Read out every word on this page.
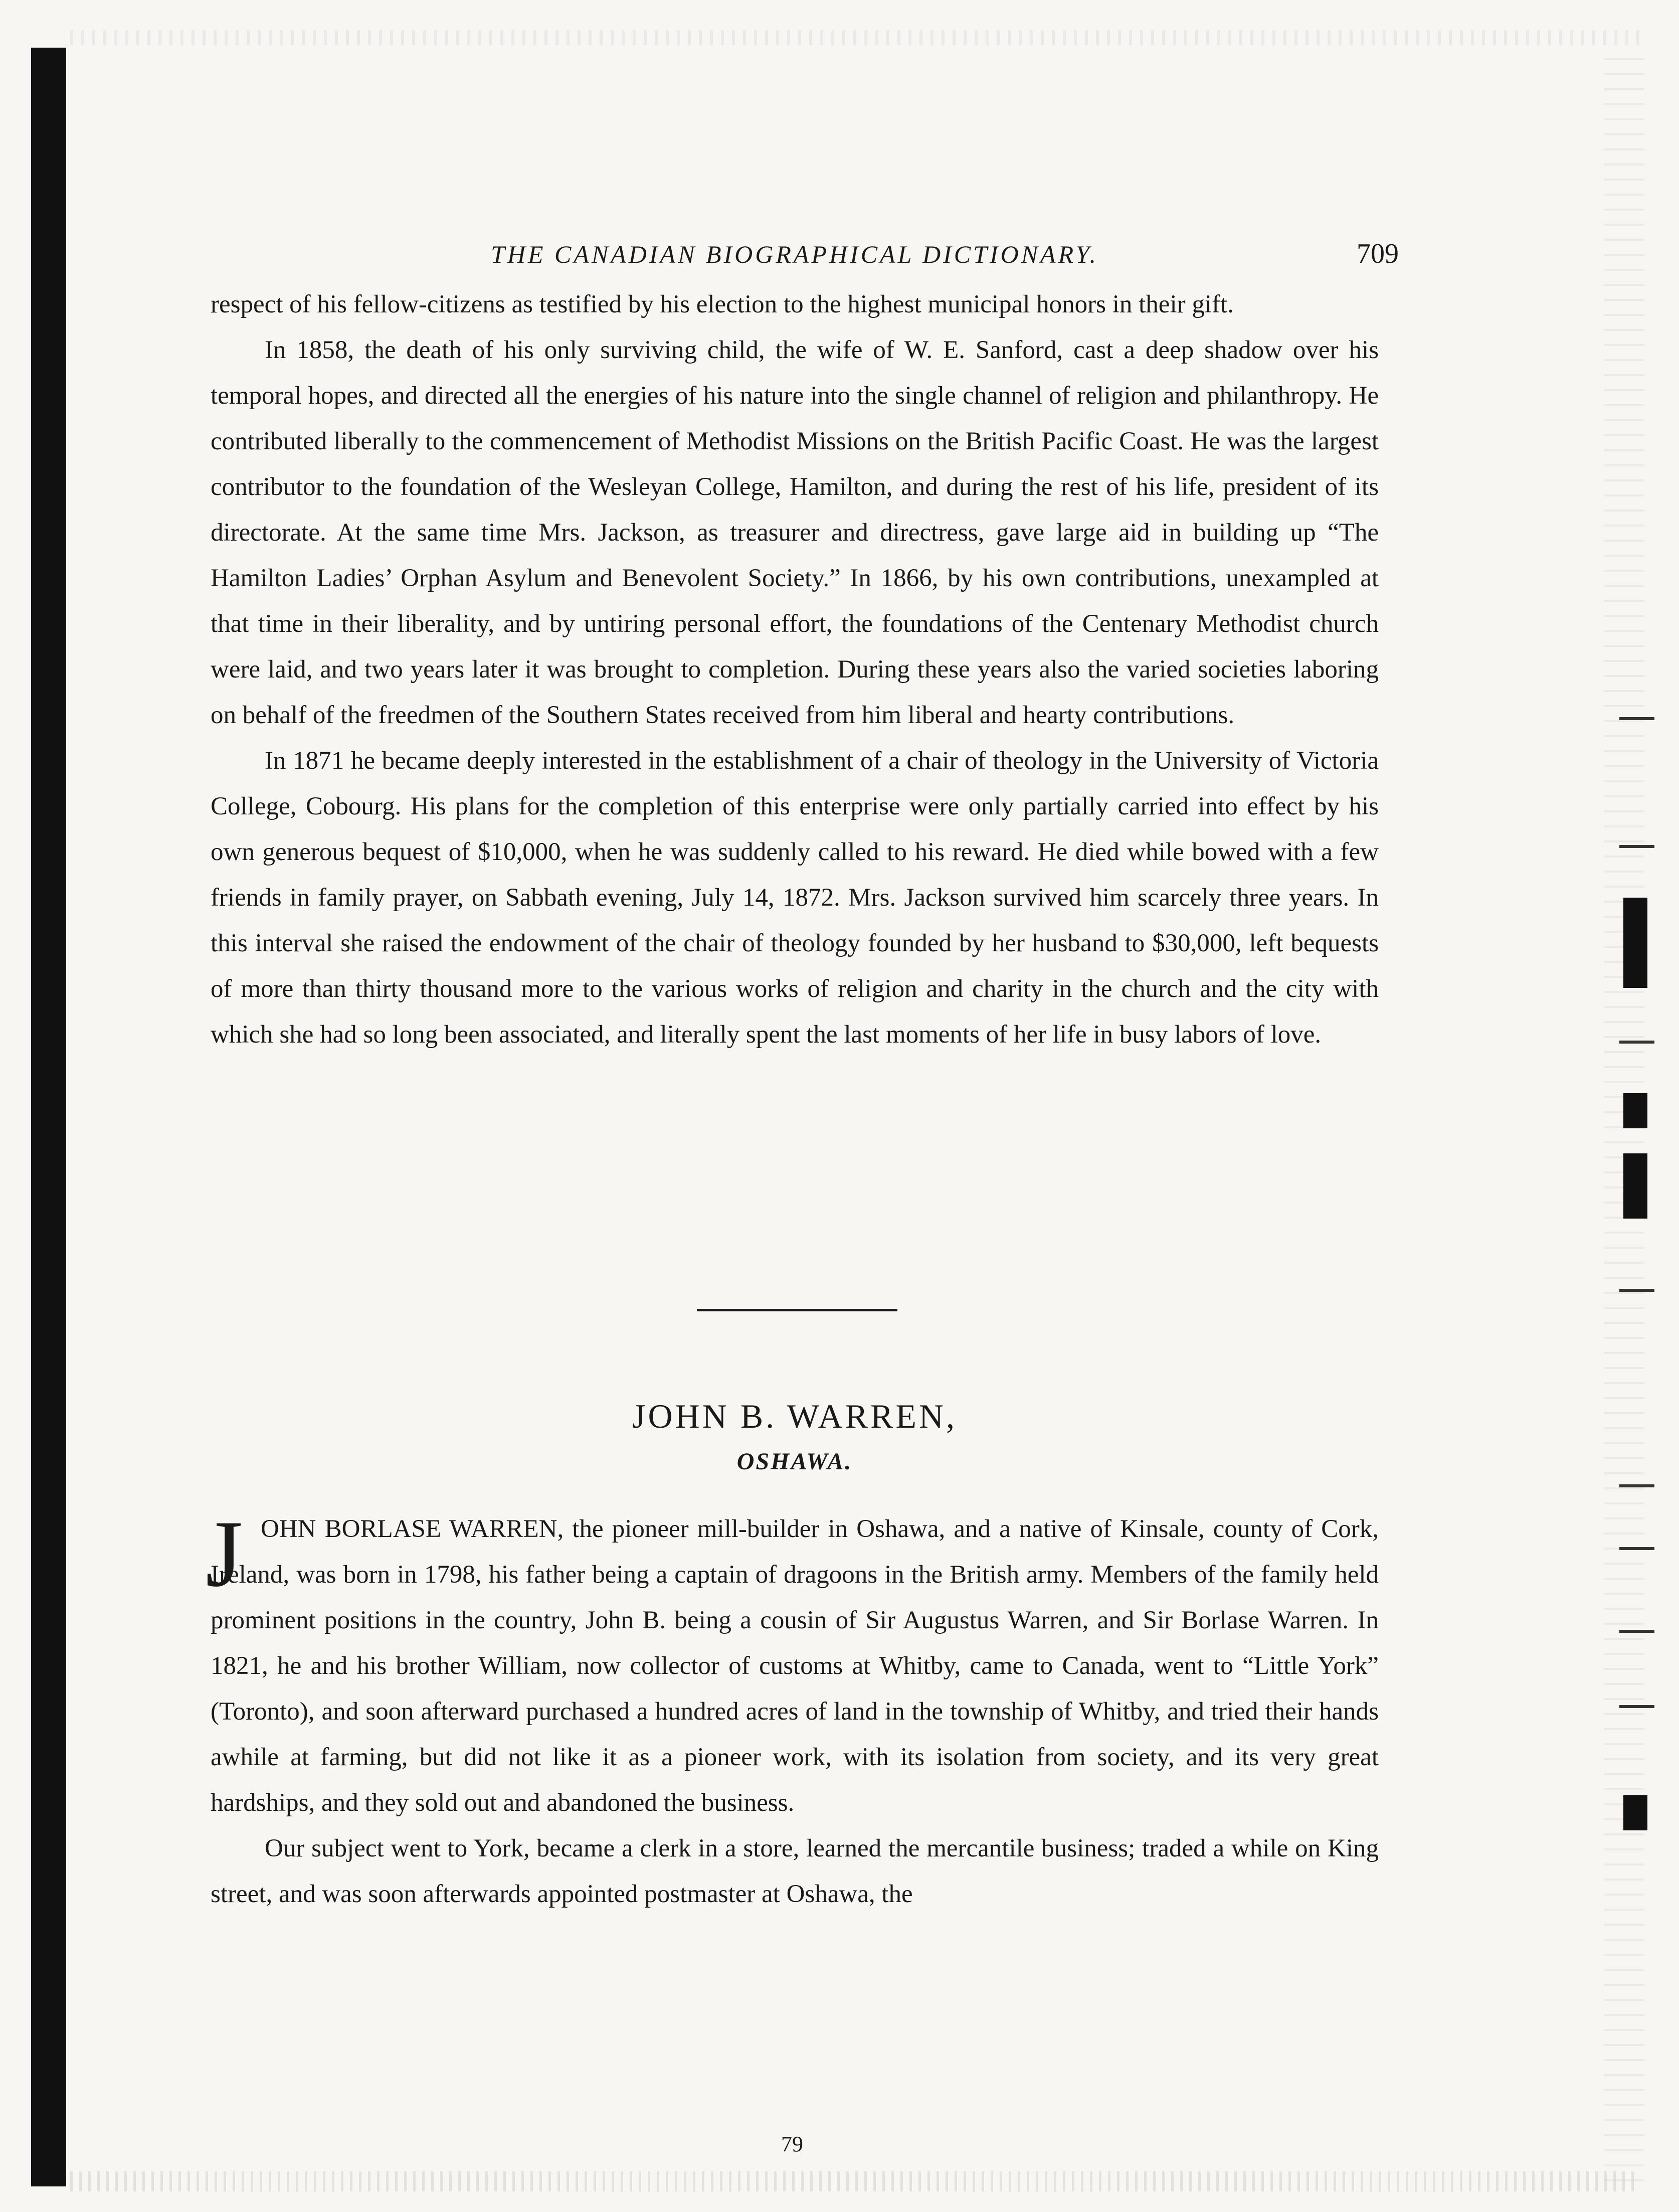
THE CANADIAN BIOGRAPHICAL DICTIONARY.	709

respect of his fellow-citizens as testified by his election to the highest municipal honors in their gift.

In 1858, the death of his only surviving child, the wife of W. E. Sanford, cast a deep shadow over his temporal hopes, and directed all the energies of his nature into the single channel of religion and philanthropy. He contributed liberally to the commencement of Methodist Missions on the British Pacific Coast. He was the largest contributor to the foundation of the Wesleyan College, Hamilton, and during the rest of his life, president of its directorate. At the same time Mrs. Jackson, as treasurer and directress, gave large aid in building up “The Hamilton Ladies’ Orphan Asylum and Benevolent Society.” In 1866, by his own contributions, unexampled at that time in their liberality, and by untiring personal effort, the foundations of the Centenary Methodist church were laid, and two years later it was brought to completion. During these years also the varied societies laboring on behalf of the freedmen of the Southern States received from him liberal and hearty contributions.

In 1871 he became deeply interested in the establishment of a chair of theology in the University of Victoria College, Cobourg. His plans for the completion of this enterprise were only partially carried into effect by his own generous bequest of $10,000, when he was suddenly called to his reward. He died while bowed with a few friends in family prayer, on Sabbath evening, July 14, 1872. Mrs. Jackson survived him scarcely three years. In this interval she raised the endowment of the chair of theology founded by her husband to $30,000, left bequests of more than thirty thousand more to the various works of religion and charity in the church and the city with which she had so long been associated, and literally spent the last moments of her life in busy labors of love.

JOHN B. WARREN,
OSHAWA.
J OHN BORLASE WARREN, the pioneer mill-builder in Oshawa, and a native of Kinsale, county of Cork, Ireland, was born in 1798, his father being a captain of dragoons in the British army. Members of the family held prominent positions in the country, John B. being a cousin of Sir Augustus Warren, and Sir Borlase Warren. In 1821, he and his brother William, now collector of customs at Whitby, came to Canada, went to “Little York” (Toronto), and soon afterward purchased a hundred acres of land in the township of Whitby, and tried their hands awhile at farming, but did not like it as a pioneer work, with its isolation from society, and its very great hardships, and they sold out and abandoned the business.

Our subject went to York, became a clerk in a store, learned the mercantile business; traded a while on King street, and was soon afterwards appointed postmaster at Oshawa, the

79
